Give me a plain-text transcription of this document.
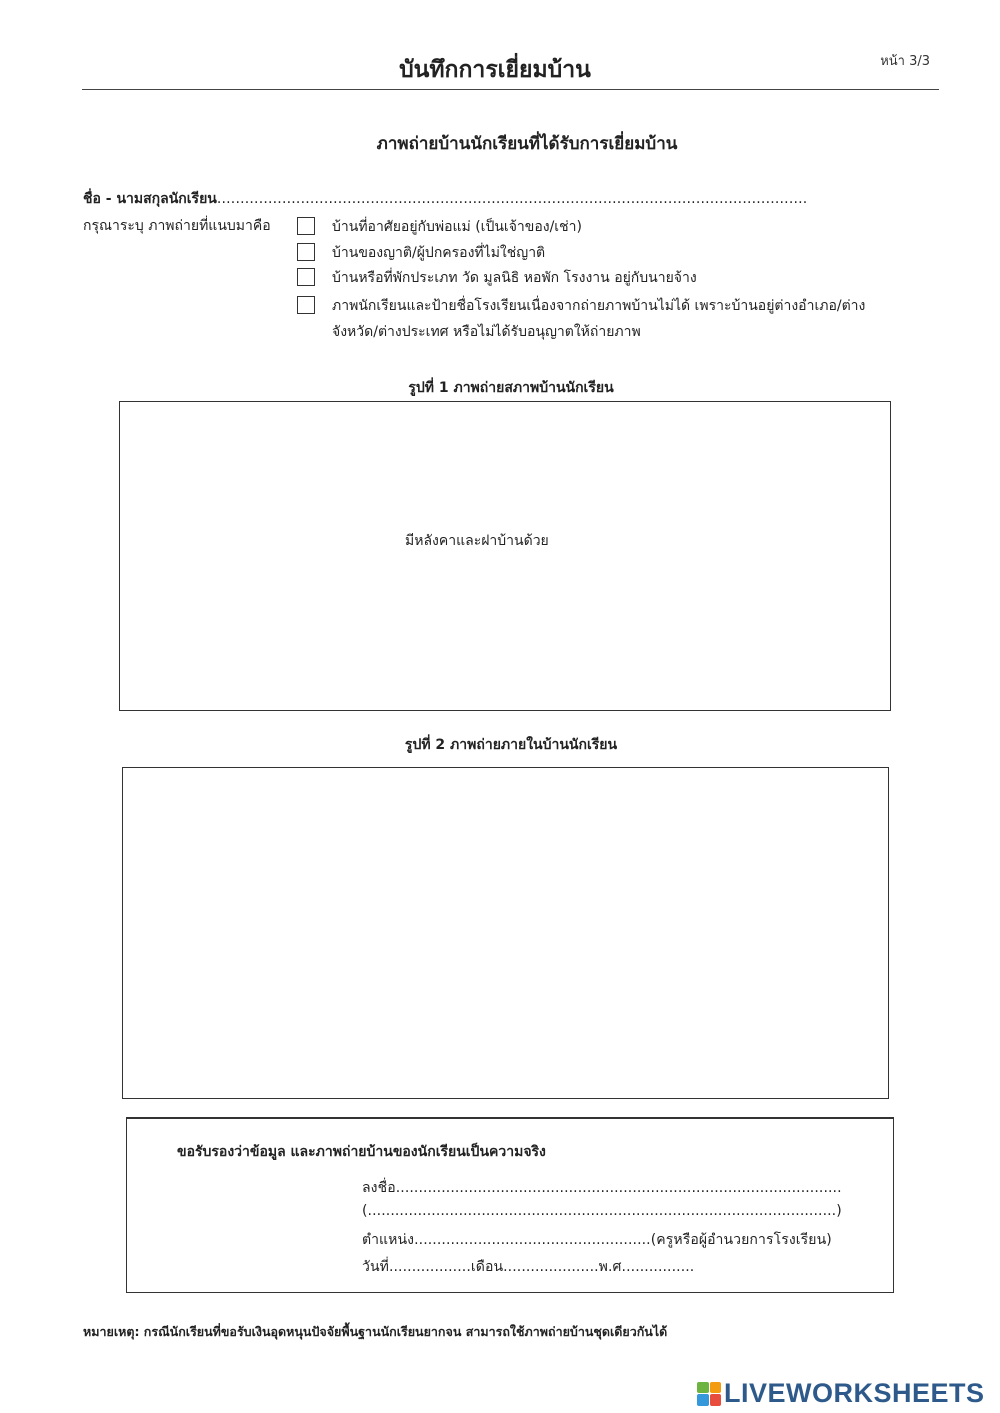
หน้า 3/3
บันทึกการเยี่ยมบ้าน
ภาพถ่ายบ้านนักเรียนที่ได้รับการเยี่ยมบ้าน
ชื่อ - นามสกุลนักเรียน...............................................................................................................................
กรุณาระบุ ภาพถ่ายที่แนบมาคือ	บ้านที่อาศัยอยู่กับพ่อแม่ (เป็นเจ้าของ/เช่า)
บ้านของญาติ/ผู้ปกครองที่ไม่ใช่ญาติ
บ้านหรือที่พักประเภท วัด มูลนิธิ หอพัก โรงงาน อยู่กับนายจ้าง
ภาพนักเรียนและป้ายชื่อโรงเรียนเนื่องจากถ่ายภาพบ้านไม่ได้ เพราะบ้านอยู่ต่างอำเภอ/ต่างจังหวัด/ต่างประเทศ หรือไม่ได้รับอนุญาตให้ถ่ายภาพ
รูปที่ 1 ภาพถ่ายสภาพบ้านนักเรียน
มีหลังคาและฝาบ้านด้วย
รูปที่ 2 ภาพถ่ายภายในบ้านนักเรียน
ขอรับรองว่าข้อมูล และภาพถ่ายบ้านของนักเรียนเป็นความจริง
ลงชื่อ..................................................................................................
(.......................................................................................................)
ตำแหน่ง....................................................(ครูหรือผู้อำนวยการโรงเรียน)
วันที่..................เดือน.....................พ.ศ................
หมายเหตุ: กรณีนักเรียนที่ขอรับเงินอุดหนุนปัจจัยพื้นฐานนักเรียนยากจน สามารถใช้ภาพถ่ายบ้านชุดเดียวกันได้
LIVEWORKSHEETS
